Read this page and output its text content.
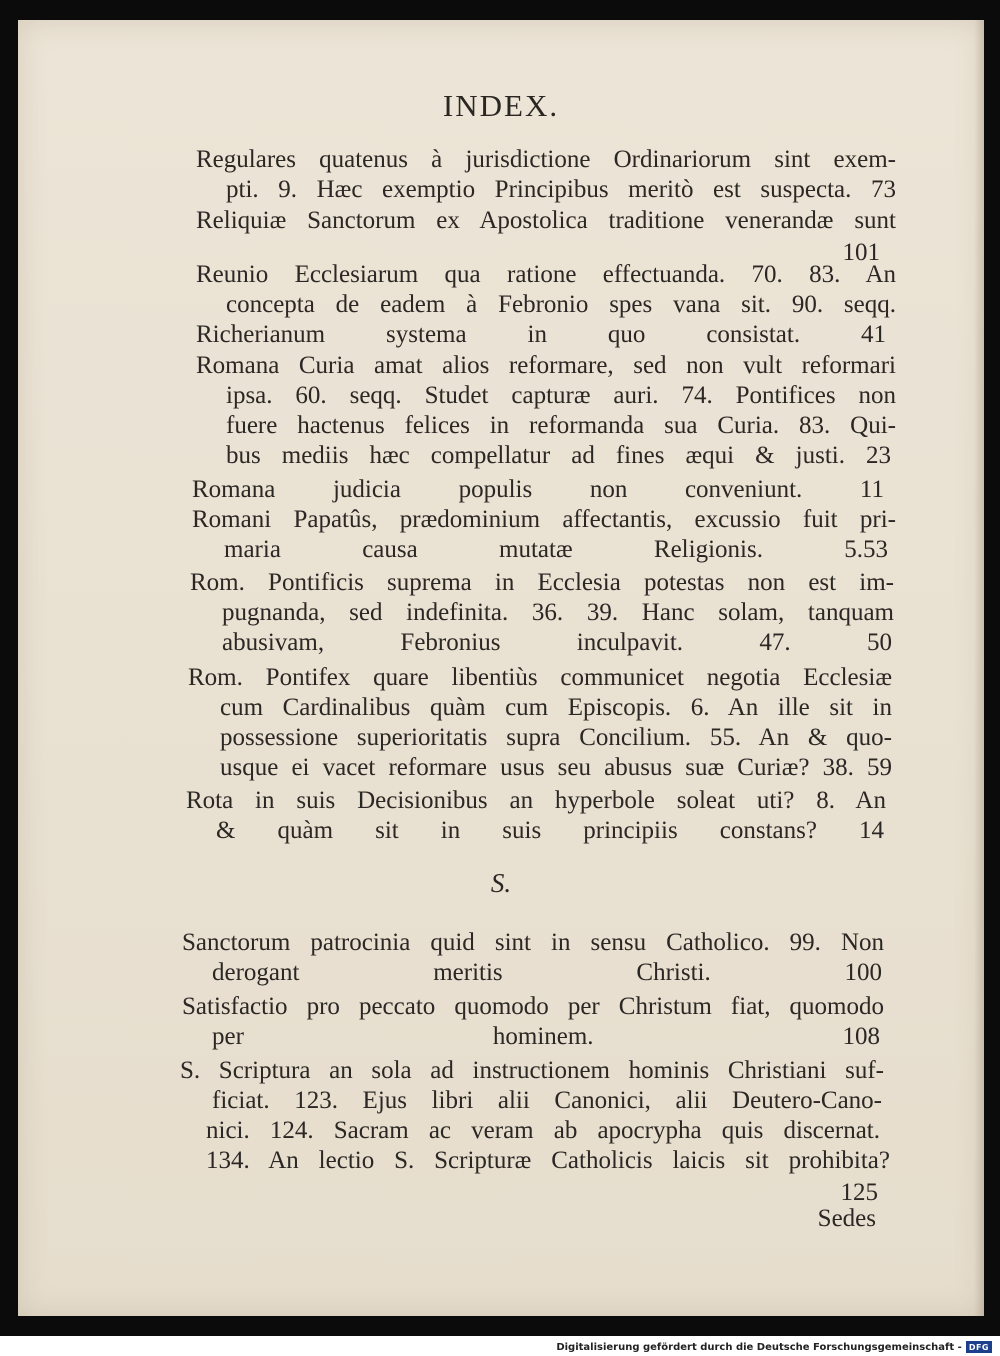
INDEX.
Regulares quatenus à jurisdictione Ordinariorum sint exem-
pti. 9. Hæc exemptio Principibus meritò est suspecta. 73
Reliquiæ Sanctorum ex Apostolica traditione venerandæ sunt
101
Reunio Ecclesiarum qua ratione effectuanda. 70. 83. An
concepta de eadem à Febronio spes vana sit. 90. seqq.
Richerianum systema in quo consistat. 41
Romana Curia amat alios reformare, sed non vult reformari
ipsa. 60. seqq. Studet capturæ auri. 74. Pontifices non
fuere hactenus felices in reformanda sua Curia. 83. Qui-
bus mediis hæc compellatur ad fines æqui & justi. 23
Romana judicia populis non conveniunt. 11
Romani Papatûs, prædominium affectantis, excussio fuit pri-
maria causa mutatæ Religionis. 5.53
Rom. Pontificis suprema in Ecclesia potestas non est im-
pugnanda, sed indefinita. 36. 39. Hanc solam, tanquam
abusivam, Febronius inculpavit. 47. 50
Rom. Pontifex quare libentiùs communicet negotia Ecclesiæ
cum Cardinalibus quàm cum Episcopis. 6. An ille sit in
possessione superioritatis supra Concilium. 55. An & quo-
usque ei vacet reformare usus seu abusus suæ Curiæ? 38. 59
Rota in suis Decisionibus an hyperbole soleat uti? 8. An
& quàm sit in suis principiis constans? 14
S.
Sanctorum patrocinia quid sint in sensu Catholico. 99. Non
derogant meritis Christi. 100
Satisfactio pro peccato quomodo per Christum fiat, quomodo
per hominem. 108
S. Scriptura an sola ad instructionem hominis Christiani suf-
ficiat. 123. Ejus libri alii Canonici, alii Deutero-Cano-
nici. 124. Sacram ac veram ab apocrypha quis discernat.
134. An lectio S. Scripturæ Catholicis laicis sit prohibita?
125
Sedes
Digitalisierung gefördert durch die Deutsche Forschungsgemeinschaft - DFG
